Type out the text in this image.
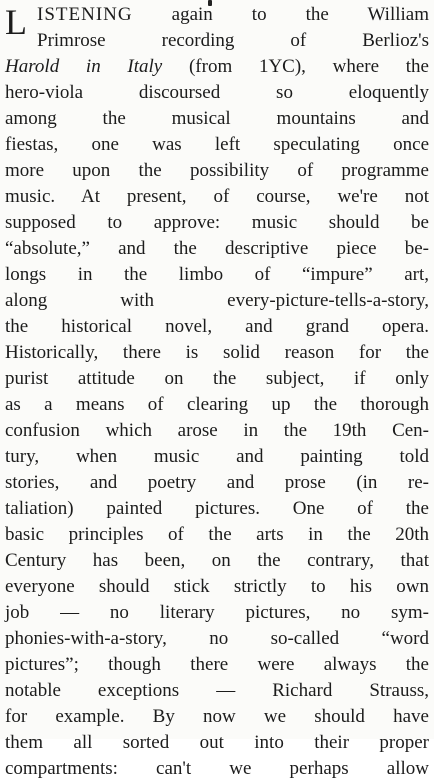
L ISTENING again to the William
Primrose recording of Berlioz's
Harold in Italy (from 1YC), where the
hero-viola discoursed so eloquently
among the musical mountains and
fiestas, one was left speculating once
more upon the possibility of programme
music. At present, of course, we're not
supposed to approve: music should be
“absolute,” and the descriptive piece be-
longs in the limbo of “impure” art,
along with every-picture-tells-a-story,
the historical novel, and grand opera.
Historically, there is solid reason for the
purist attitude on the subject, if only
as a means of clearing up the thorough
confusion which arose in the 19th Cen-
tury, when music and painting told
stories, and poetry and prose (in re-
taliation) painted pictures. One of the
basic principles of the arts in the 20th
Century has been, on the contrary, that
everyone should stick strictly to his own
job — no literary pictures, no sym-
phonies-with-a-story, no so-called “word
pictures”; though there were always the
notable exceptions — Richard Strauss,
for example. By now we should have
them all sorted out into their proper
compartments: can't we perhaps allow
